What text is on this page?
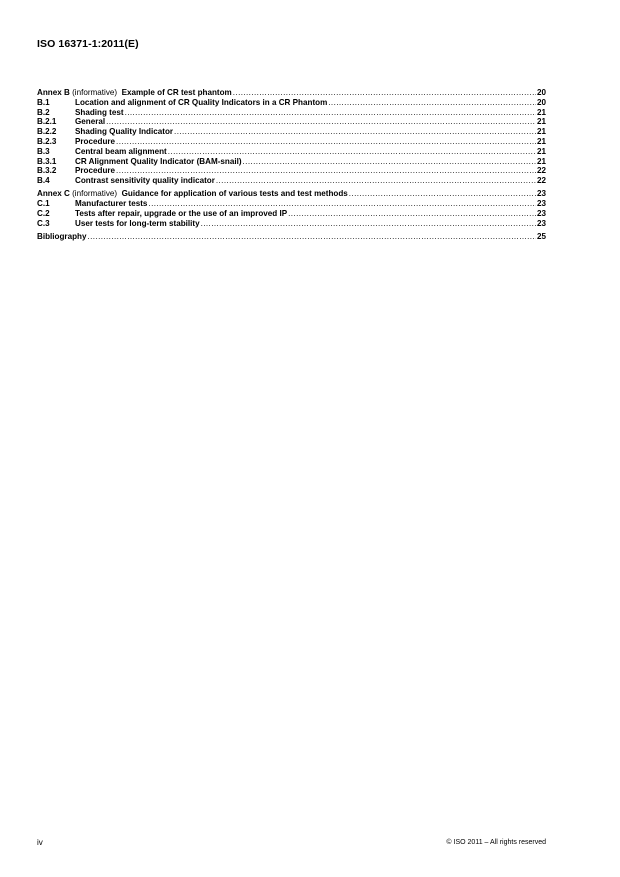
ISO 16371-1:2011(E)
Annex B (informative) Example of CR test phantom .....	20
B.1	Location and alignment of CR Quality Indicators in a CR Phantom .....	20
B.2	Shading test .....	21
B.2.1	General .....	21
B.2.2	Shading Quality Indicator .....	21
B.2.3	Procedure .....	21
B.3	Central beam alignment .....	21
B.3.1	CR Alignment Quality Indicator (BAM-snail) .....	21
B.3.2	Procedure .....	22
B.4	Contrast sensitivity quality indicator .....	22
Annex C (informative) Guidance for application of various tests and test methods .....	23
C.1	Manufacturer tests .....	23
C.2	Tests after repair, upgrade or the use of an improved IP .....	23
C.3	User tests for long-term stability .....	23
Bibliography .....	25
iv	© ISO 2011 – All rights reserved
